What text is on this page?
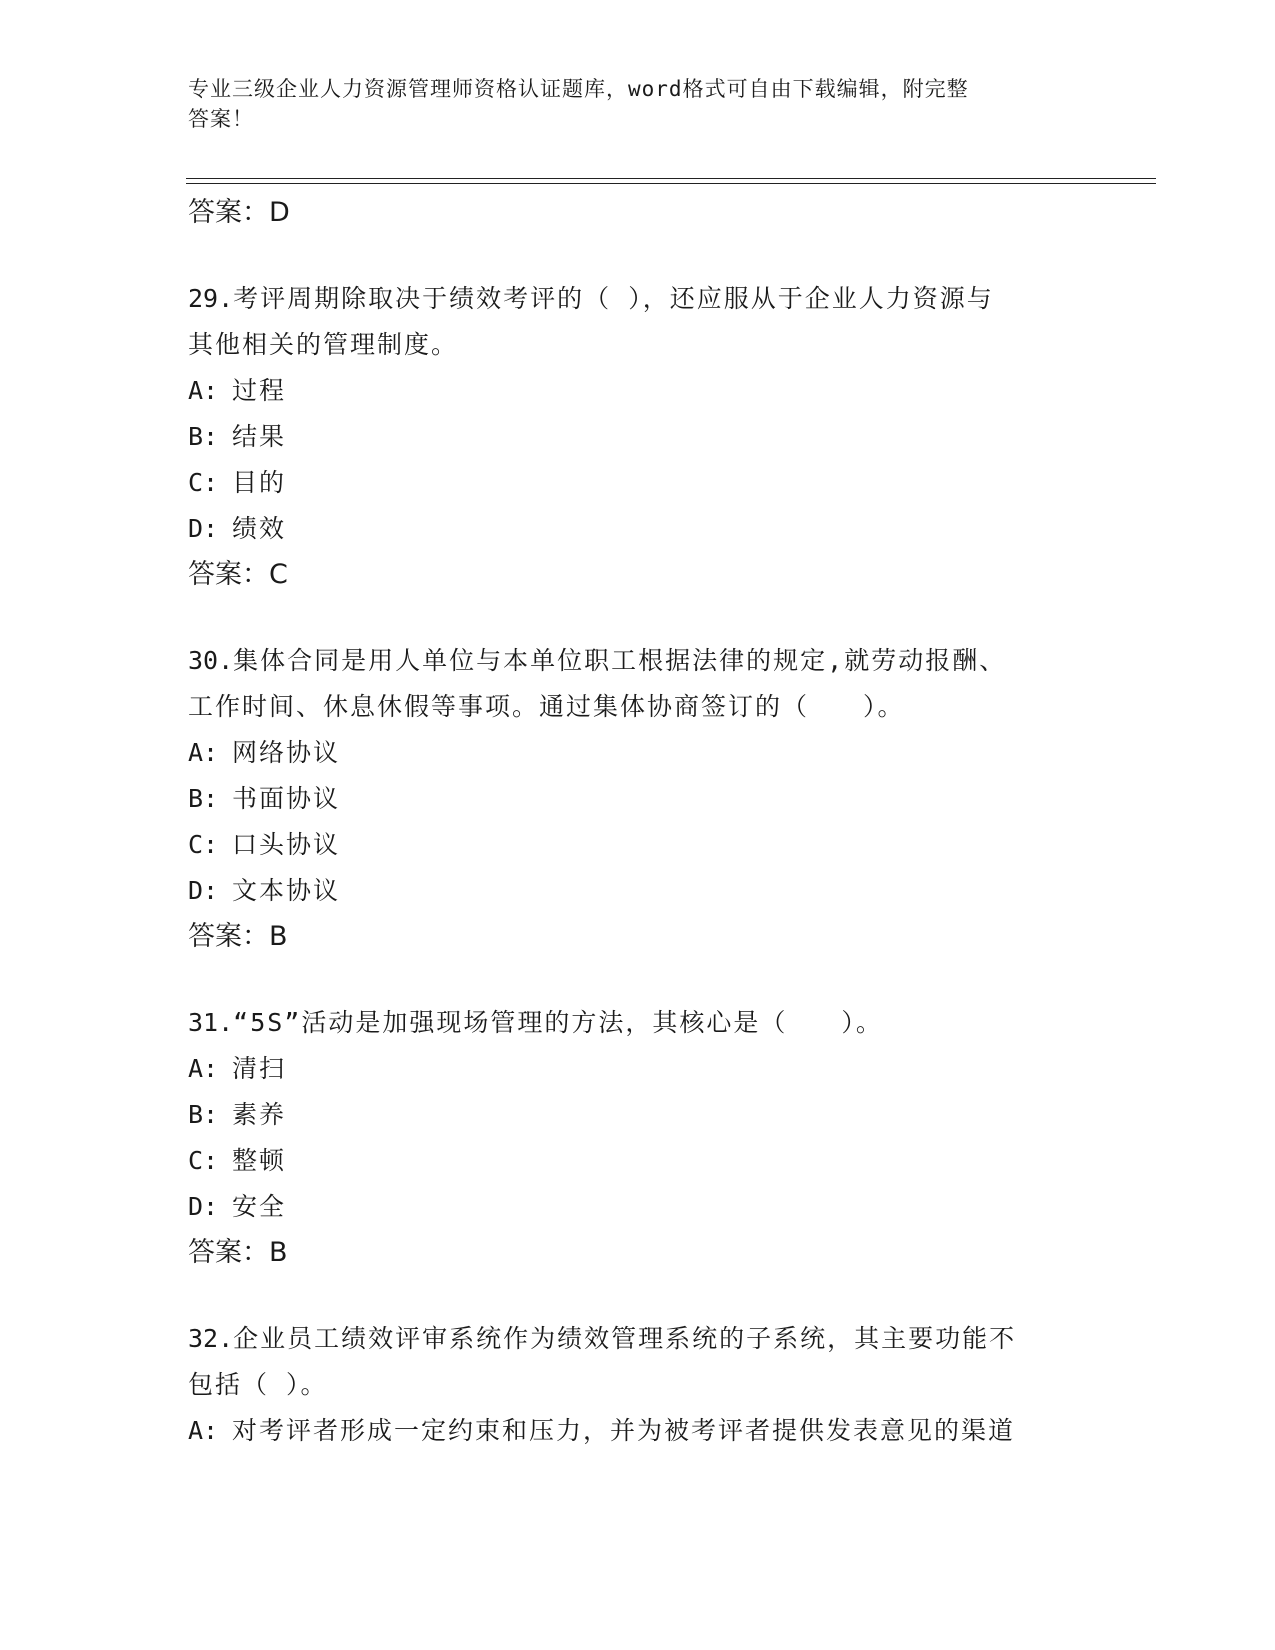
专业三级企业人力资源管理师资格认证题库，word格式可自由下载编辑，附完整
答案！
答案：D
29.考评周期除取决于绩效考评的（ ），还应服从于企业人力资源与
其他相关的管理制度。
A: 过程
B: 结果
C: 目的
D: 绩效
答案：C
30.集体合同是用人单位与本单位职工根据法律的规定,就劳动报酬、
工作时间、休息休假等事项。通过集体协商签订的（　　）。
A: 网络协议
B: 书面协议
C: 口头协议
D: 文本协议
答案：B
31.“5S”活动是加强现场管理的方法，其核心是（　　）。
A: 清扫
B: 素养
C: 整顿
D: 安全
答案：B
32.企业员工绩效评审系统作为绩效管理系统的子系统，其主要功能不
包括（ ）。
A: 对考评者形成一定约束和压力，并为被考评者提供发表意见的渠道
